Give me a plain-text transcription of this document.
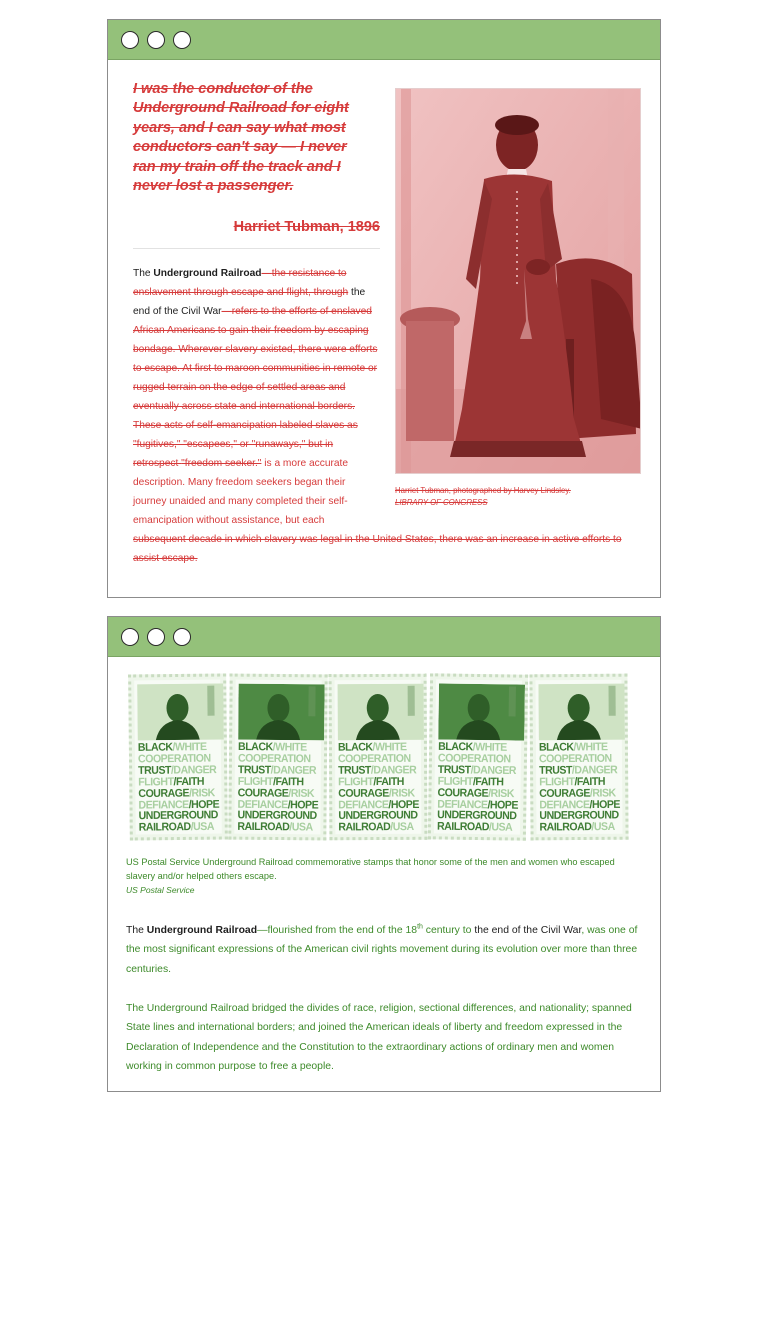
I was the conductor of the Underground Railroad for eight years, and I can say what most conductors can't say — I never ran my train off the track and I never lost a passenger.
Harriet Tubman, 1896
The Underground Railroad—the resistance to enslavement through escape and flight, through the end of the Civil War—refers to the efforts of enslaved African Americans to gain their freedom by escaping bondage. Wherever slavery existed, there were efforts to escape. At first to maroon communities in remote or rugged terrain on the edge of settled areas and eventually across state and international borders. These acts of self-emancipation labeled slaves as "fugitives," "escapees," or "runaways," but in retrospect "freedom seeker." is a more accurate description. Many freedom seekers began their journey unaided and many completed their self-emancipation without assistance, but each
subsequent decade in which slavery was legal in the United States, there was an increase in active efforts to assist escape.
Harriet Tubman, photographed by Harvey Lindsley.
LIBRARY OF CONGRESS
BLACK/WHITE
COOPERATION
TRUST/DANGER
FLIGHT/FAITH
COURAGE/RISK
DEFIANCE/HOPE
UNDERGROUND
RAILROAD/USA
BLACK/WHITE
COOPERATION
TRUST/DANGER
FLIGHT/FAITH
COURAGE/RISK
DEFIANCE/HOPE
UNDERGROUND
RAILROAD/USA
BLACK/WHITE
COOPERATION
TRUST/DANGER
FLIGHT/FAITH
COURAGE/RISK
DEFIANCE/HOPE
UNDERGROUND
RAILROAD/USA
BLACK/WHITE
COOPERATION
TRUST/DANGER
FLIGHT/FAITH
COURAGE/RISK
DEFIANCE/HOPE
UNDERGROUND
RAILROAD/USA
BLACK/WHITE
COOPERATION
TRUST/DANGER
FLIGHT/FAITH
COURAGE/RISK
DEFIANCE/HOPE
UNDERGROUND
RAILROAD/USA
US Postal Service Underground Railroad commemorative stamps that honor some of the men and women who escaped slavery and/or helped others escape.
US Postal Service
The Underground Railroad—flourished from the end of the 18th century to the end of the Civil War, was one of the most significant expressions of the American civil rights movement during its evolution over more than three centuries.
The Underground Railroad bridged the divides of race, religion, sectional differences, and nationality; spanned State lines and international borders; and joined the American ideals of liberty and freedom expressed in the Declaration of Independence and the Constitution to the extraordinary actions of ordinary men and women working in common purpose to free a people.
